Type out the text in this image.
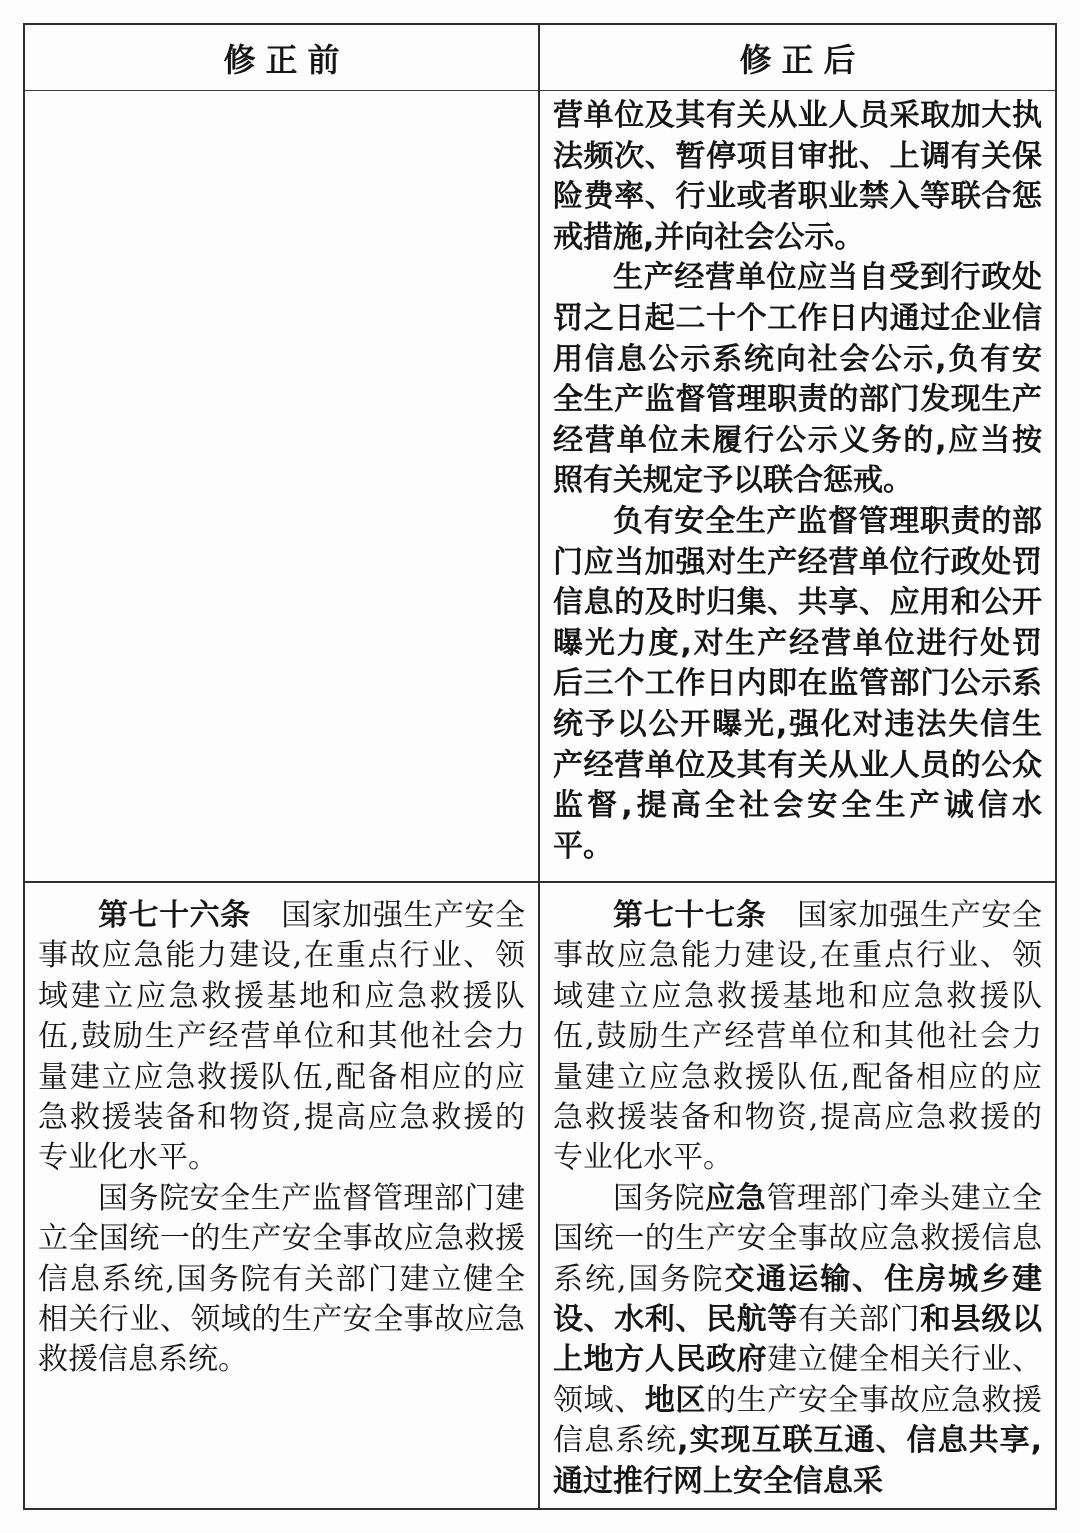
修正前	修正后

营单位及其有关从业人员采取加大执法频次、暂停项目审批、上调有关保险费率、行业或者职业禁入等联合惩戒措施,并向社会公示。

生产经营单位应当自受到行政处罚之日起二十个工作日内通过企业信用信息公示系统向社会公示,负有安全生产监督管理职责的部门发现生产经营单位未履行公示义务的,应当按照有关规定予以联合惩戒。

负有安全生产监督管理职责的部门应当加强对生产经营单位行政处罚信息的及时归集、共享、应用和公开曝光力度,对生产经营单位进行处罚后三个工作日内即在监管部门公示系统予以公开曝光,强化对违法失信生产经营单位及其有关从业人员的公众监督,提高全社会安全生产诚信水平。

第七十六条　国家加强生产安全事故应急能力建设,在重点行业、领域建立应急救援基地和应急救援队伍,鼓励生产经营单位和其他社会力量建立应急救援队伍,配备相应的应急救援装备和物资,提高应急救援的专业化水平。

国务院安全生产监督管理部门建立全国统一的生产安全事故应急救援信息系统,国务院有关部门建立健全相关行业、领域的生产安全事故应急救援信息系统。

第七十七条　国家加强生产安全事故应急能力建设,在重点行业、领域建立应急救援基地和应急救援队伍,鼓励生产经营单位和其他社会力量建立应急救援队伍,配备相应的应急救援装备和物资,提高应急救援的专业化水平。

国务院应急管理部门牵头建立全国统一的生产安全事故应急救援信息系统,国务院交通运输、住房城乡建设、水利、民航等有关部门和县级以上地方人民政府建立健全相关行业、领域、地区的生产安全事故应急救援信息系统,实现互联互通、信息共享,通过推行网上安全信息采
